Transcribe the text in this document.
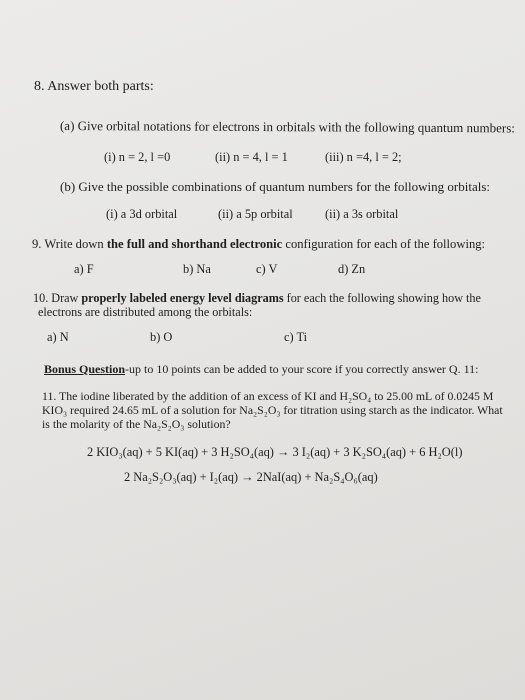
8. Answer both parts:
(a) Give orbital notations for electrons in orbitals with the following quantum numbers:
(i) n = 2, l =0	(ii) n = 4, l = 1	(iii) n =4, l = 2;
(b) Give the possible combinations of quantum numbers for the following orbitals:
(i) a 3d orbital	(ii) a 5p orbital	(ii) a 3s orbital
9. Write down the full and shorthand electronic configuration for each of the following:
a) F	b) Na	c) V	d) Zn
10. Draw properly labeled energy level diagrams for each the following showing how the
electrons are distributed among the orbitals:
a) N	b) O	c) Ti
Bonus Question-up to 10 points can be added to your score if you correctly answer Q. 11:
11. The iodine liberated by the addition of an excess of KI and H₂SO₄ to 25.00 mL of 0.0245 M
KIO₃ required 24.65 mL of a solution for Na₂S₂O₃ for titration using starch as the indicator. What
is the molarity of the Na₂S₂O₃ solution?
2 KIO₃(aq) + 5 KI(aq) + 3 H₂SO₄(aq) → 3 I₂(aq) + 3 K₂SO₄(aq) + 6 H₂O(l)
2 Na₂S₂O₃(aq) + I₂(aq) → 2NaI(aq) + Na₂S₄O₆(aq)
